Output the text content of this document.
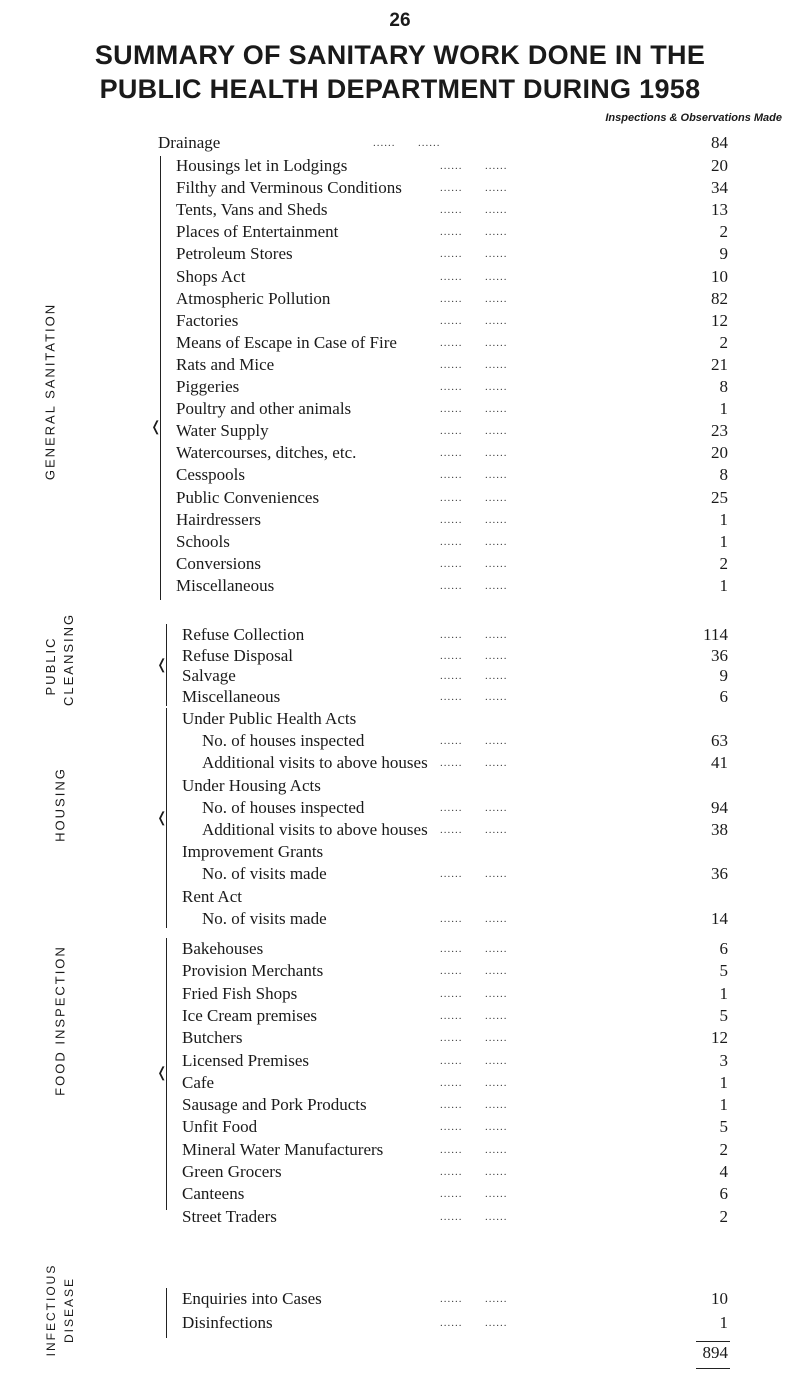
26
SUMMARY OF SANITARY WORK DONE IN THE
PUBLIC HEALTH DEPARTMENT DURING 1958
Inspections & Observations Made
Drainage	......      ......	84
GENERAL SANITATION
PUBLIC CLEANSING
HOUSING
FOOD INSPECTION
INFECTIOUS DISEASE
❬
❬
❬
❬
Housings let in Lodgings	......      ......	20
Filthy and Verminous Conditions	......      ......	34
Tents, Vans and Sheds	......      ......	13
Places of Entertainment	......      ......	2
Petroleum Stores	......      ......	9
Shops Act	......      ......	10
Atmospheric Pollution	......      ......	82
Factories	......      ......	12
Means of Escape in Case of Fire	......      ......	2
Rats and Mice	......      ......	21
Piggeries	......      ......	8
Poultry and other animals	......      ......	1
Water Supply	......      ......	23
Watercourses, ditches, etc.	......      ......	20
Cesspools	......      ......	8
Public Conveniences	......      ......	25
Hairdressers	......      ......	1
Schools	......      ......	1
Conversions	......      ......	2
Miscellaneous	......      ......	1
Refuse Collection	......      ......	114
Refuse Disposal	......      ......	36
Salvage	......      ......	9
Miscellaneous	......      ......	6
Under Public Health Acts
No. of houses inspected	......      ......	63
Additional visits to above houses ......      ......	41
Under Housing Acts
No. of houses inspected	......      ......	94
Additional visits to above houses ......      ......	38
Improvement Grants
No. of visits made	......      ......	36
Rent Act
No. of visits made	......      ......	14
Bakehouses	......      ......	6
Provision Merchants	......      ......	5
Fried Fish Shops	......      ......	1
Ice Cream premises	......      ......	5
Butchers	......      ......	12
Licensed Premises	......      ......	3
Cafe	......      ......	1
Sausage and Pork Products	......      ......	1
Unfit Food	......      ......	5
Mineral Water Manufacturers	......      ......	2
Green Grocers	......      ......	4
Canteens	......      ......	6
Street Traders	......      ......	2
Enquiries into Cases	......      ......	10
Disinfections	......      ......	1
894
